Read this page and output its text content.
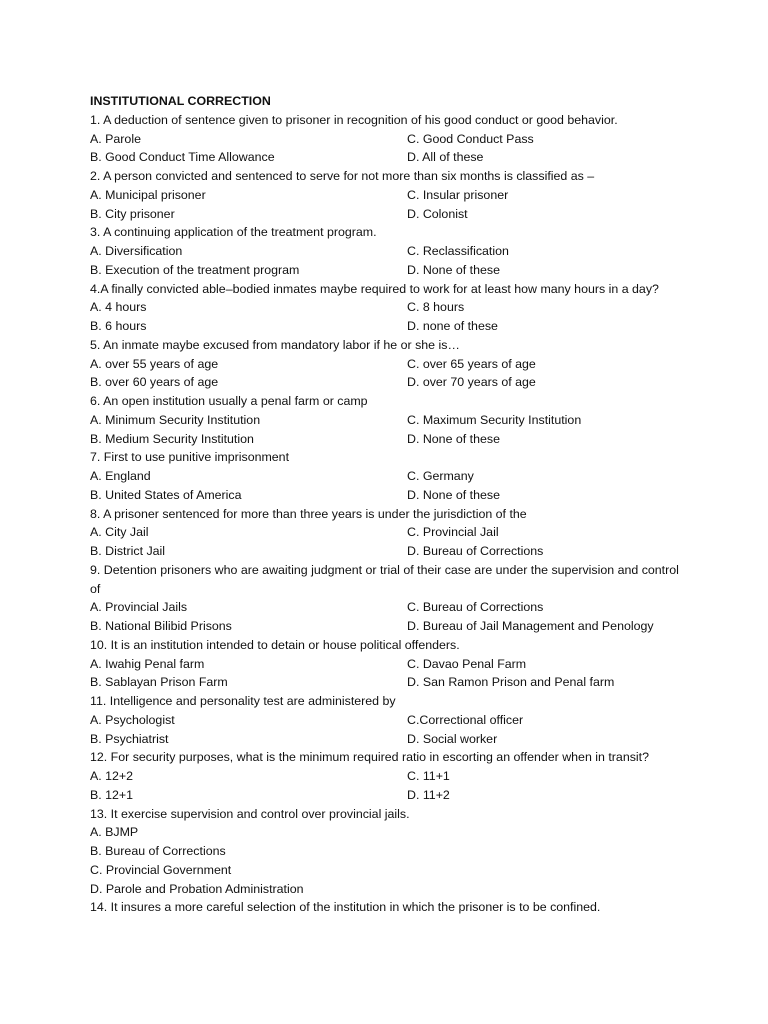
INSTITUTIONAL CORRECTION
1. A deduction of sentence given to prisoner in recognition of his good conduct or good behavior.
A. Parole	C. Good Conduct Pass
B. Good Conduct Time Allowance	D. All of these
2. A person convicted and sentenced to serve for not more than six months is classified as –
A. Municipal prisoner	C. Insular prisoner
B. City prisoner	D. Colonist
3. A continuing application of the treatment program.
A. Diversification	C. Reclassification
B. Execution of the treatment program	D. None of these
4.A finally convicted able–bodied inmates maybe required to work for at least how many hours in a day?
A. 4 hours	C. 8 hours
B. 6 hours	D. none of these
5. An inmate maybe excused from mandatory labor if he or she is…
A. over 55 years of age	C. over 65 years of age
B. over 60 years of age	D. over 70 years of age
6. An open institution usually a penal farm or camp
A. Minimum Security Institution	C. Maximum Security Institution
B. Medium Security Institution	D. None of these
7. First to use punitive imprisonment
A. England	C. Germany
B. United States of America	D. None of these
8. A prisoner sentenced for more than three years is under the jurisdiction of the
A. City Jail	C. Provincial Jail
B. District Jail	D. Bureau of Corrections
9. Detention prisoners who are awaiting judgment or trial of their case are under the supervision and control of
A. Provincial Jails	C. Bureau of Corrections
B. National Bilibid Prisons	D. Bureau of Jail Management and Penology
10. It is an institution intended to detain or house political offenders.
A. Iwahig Penal farm	C. Davao Penal Farm
B. Sablayan Prison Farm	D. San Ramon Prison and Penal farm
11. Intelligence and personality test are administered by
A. Psychologist	C.Correctional officer
B. Psychiatrist	D. Social worker
12. For security purposes, what is the minimum required ratio in escorting an offender when in transit?
A. 12+2	C. 11+1
B. 12+1	D. 11+2
13. It exercise supervision and control over provincial jails.
A. BJMP
B. Bureau of Corrections
C. Provincial Government
D. Parole and Probation Administration
14. It insures a more careful selection of the institution in which the prisoner is to be confined.
